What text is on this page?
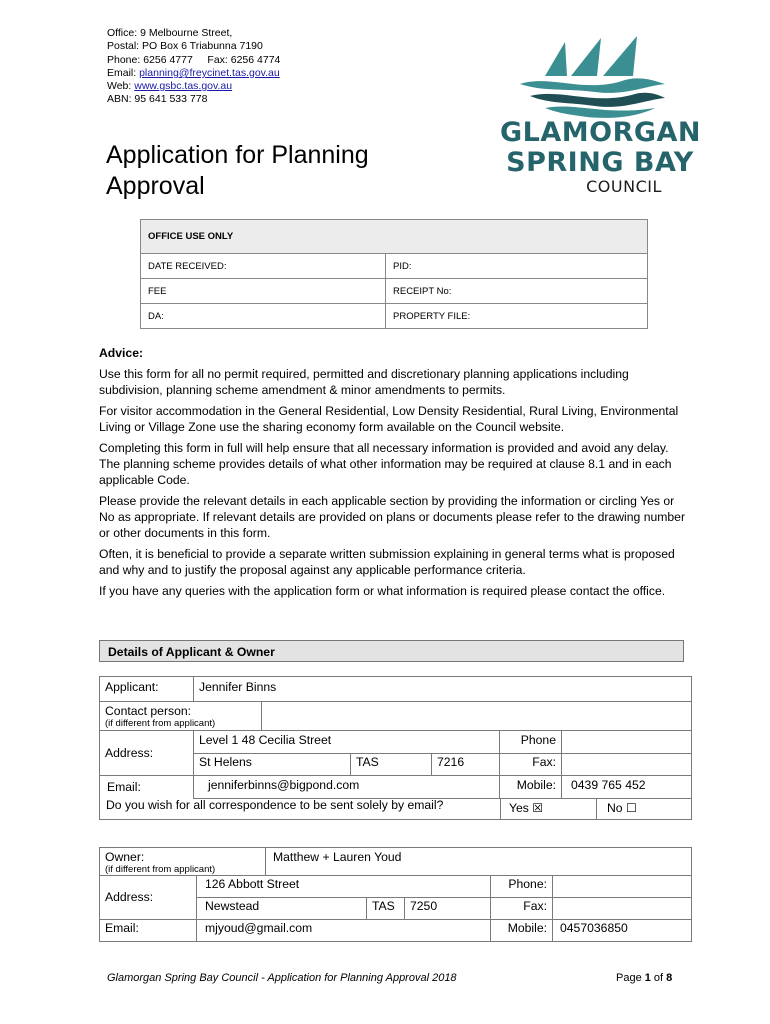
Office: 9 Melbourne Street,
Postal: PO Box 6 Triabunna 7190
Phone: 6256 4777     Fax: 6256 4774
Email: planning@freycinet.tas.gov.au
Web: www.gsbc.tas.gov.au
ABN: 95 641 533 778
Application for Planning
Approval
GLAMORGAN
SPRING BAY
COUNCIL
OFFICE USE ONLY	
DATE RECEIVED:	PID:
FEE	RECEIPT No:
DA:	PROPERTY FILE:
Advice:

Use this form for all no permit required, permitted and discretionary planning applications including subdivision, planning scheme amendment & minor amendments to permits.

For visitor accommodation in the General Residential, Low Density Residential, Rural Living, Environmental Living or Village Zone use the sharing economy form available on the Council website.

Completing this form in full will help ensure that all necessary information is provided and avoid any delay. The planning scheme provides details of what other information may be required at clause 8.1 and in each applicable Code.

Please provide the relevant details in each applicable section by providing the information or circling Yes or No as appropriate. If relevant details are provided on plans or documents please refer to the drawing number or other documents in this form.

Often, it is beneficial to provide a separate written submission explaining in general terms what is proposed and why and to justify the proposal against any applicable performance criteria.

If you have any queries with the application form or what information is required please contact the office.

Details of Applicant & Owner
Applicant:	Jennifer Binns
Contact person:
(if different from applicant)
Address:
Level 1 48 Cecilia Street	Phone
St Helens	TAS	7216	Fax:
Email:	jenniferbinns@bigpond.com	Mobile:	0439 765 452
Do you wish for all correspondence to be sent solely by email?	Yes ☒	No ☐
Owner:
(if different from applicant)
Matthew + Lauren Youd
Address:
126 Abbott Street	Phone:
Newstead	TAS	7250	Fax:
Email:	mjyoud@gmail.com	Mobile:	0457036850
Glamorgan Spring Bay Council - Application for Planning Approval 2018	Page 1 of 8
